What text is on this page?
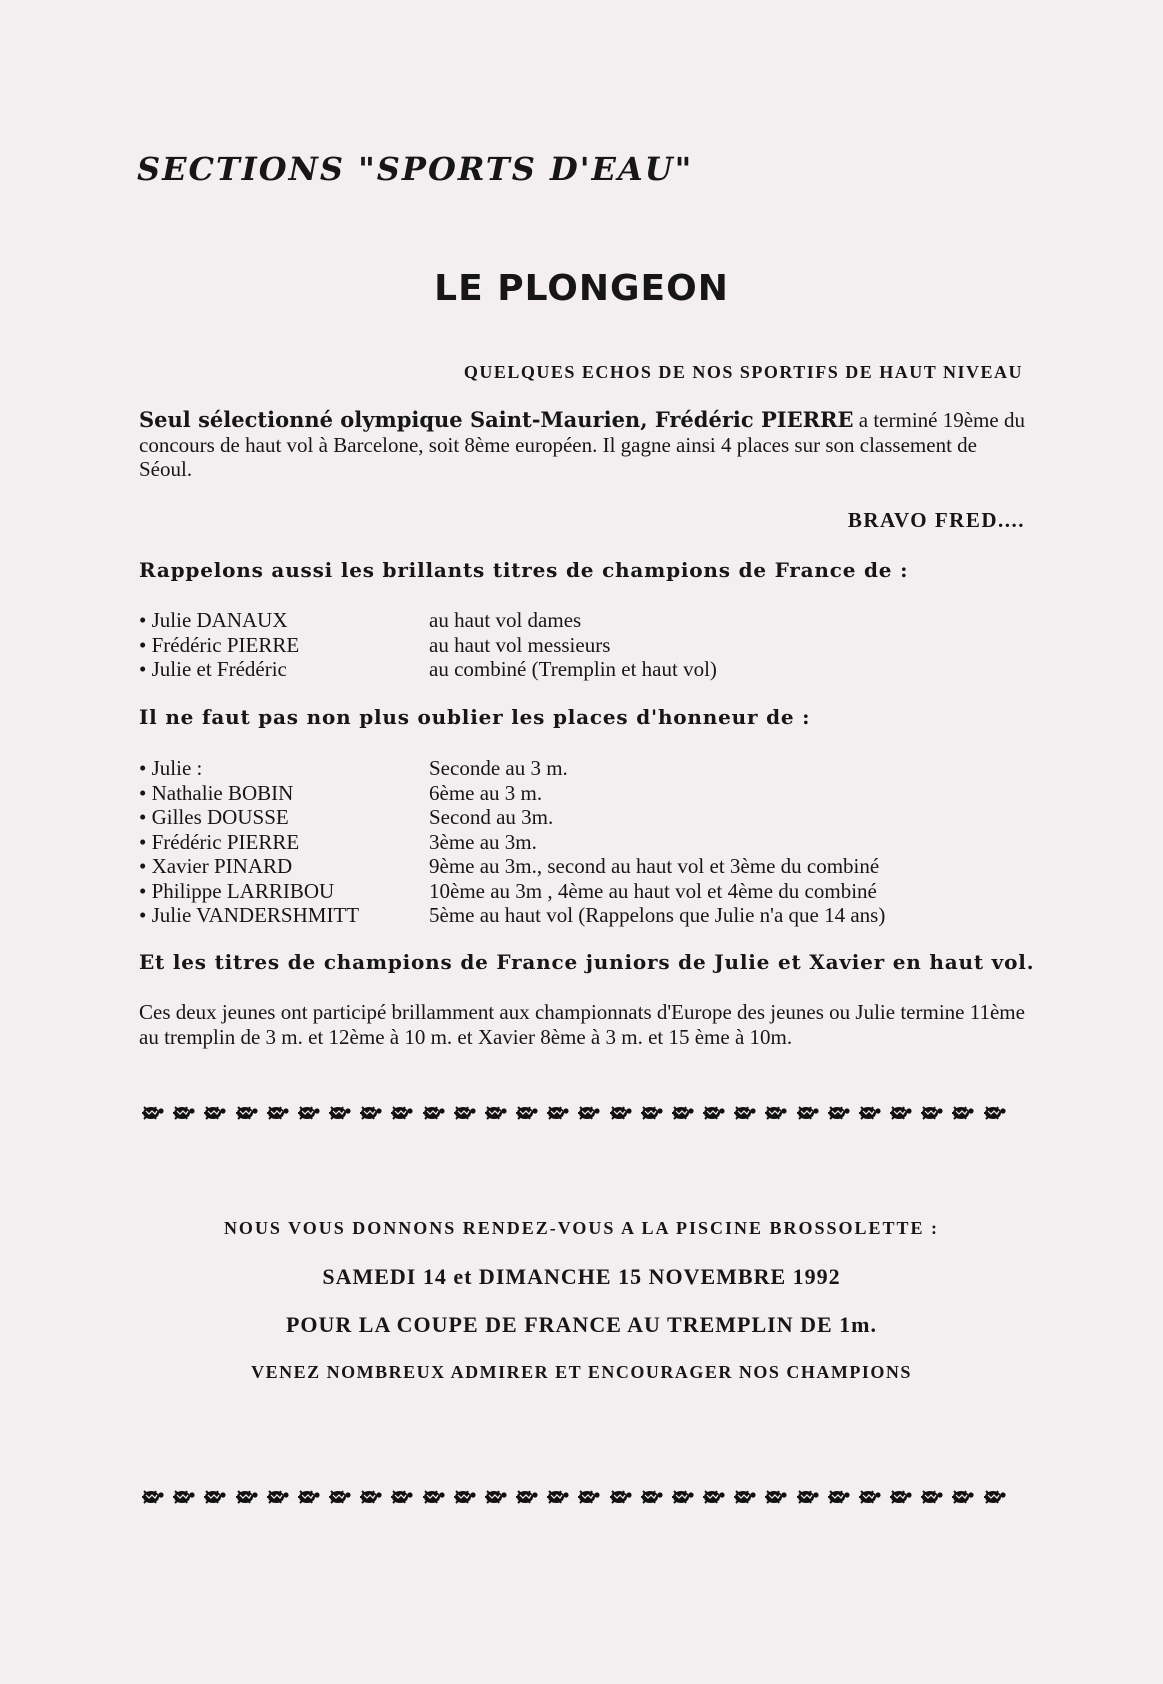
SECTIONS "SPORTS D'EAU"
LE PLONGEON
QUELQUES ECHOS DE NOS SPORTIFS DE HAUT NIVEAU
Seul sélectionné olympique Saint-Maurien, Frédéric PIERRE a terminé 19ème du concours de haut vol à Barcelone, soit 8ème européen. Il gagne ainsi 4 places sur son classement de Séoul.
BRAVO FRED....
Rappelons aussi les brillants titres de champions de France de :
• Julie DANAUX	au haut vol dames
• Frédéric PIERRE	au haut vol messieurs
• Julie et Frédéric	au combiné (Tremplin et haut vol)
Il ne faut pas non plus oublier les places d'honneur de :
• Julie :	Seconde au 3 m.
• Nathalie BOBIN	6ème au 3 m.
• Gilles DOUSSE	Second au 3m.
• Frédéric PIERRE	3ème au 3m.
• Xavier PINARD	9ème au 3m., second au haut vol et 3ème du combiné
• Philippe LARRIBOU	10ème au 3m , 4ème au haut vol et 4ème du combiné
• Julie VANDERSHMITT	5ème au haut vol (Rappelons que Julie n'a que 14 ans)
Et les titres de champions de France juniors de Julie et Xavier en haut vol.
Ces deux jeunes ont participé brillamment aux championnats d'Europe des jeunes ou Julie termine 11ème au tremplin de 3 m. et 12ème à 10 m. et Xavier 8ème à 3 m. et 15 ème à 10m.
NOUS VOUS DONNONS RENDEZ-VOUS A LA PISCINE BROSSOLETTE :
SAMEDI 14 et DIMANCHE 15 NOVEMBRE 1992
POUR LA COUPE DE FRANCE AU TREMPLIN DE 1m.
VENEZ NOMBREUX ADMIRER ET ENCOURAGER NOS CHAMPIONS
